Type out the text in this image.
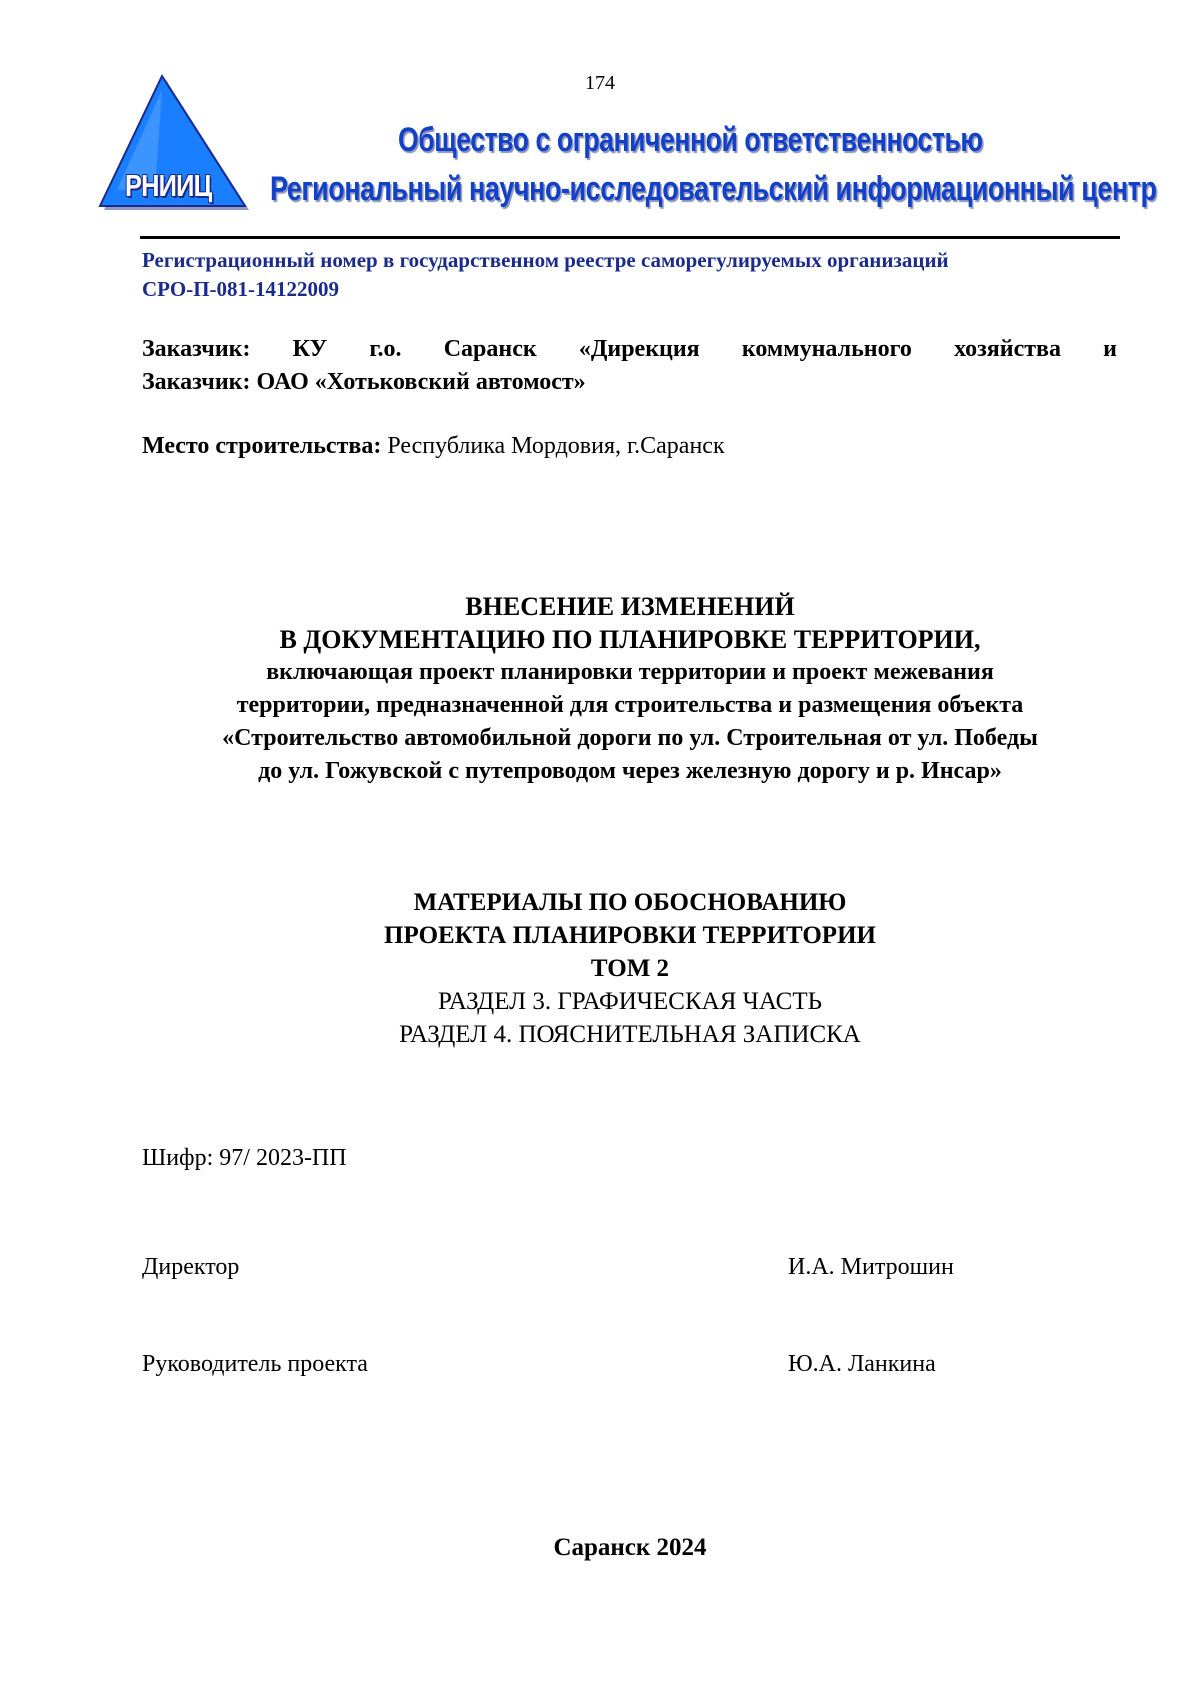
174
РНИИЦ
Общество с ограниченной ответственностью
Региональный научно-исследовательский информационный центр
Регистрационный номер в государственном реестре саморегулируемых организаций
СРО-П-081-14122009
Заказчик: КУ г.о. Саранск «Дирекция коммунального хозяйства и
Заказчик: ОАО «Хотьковский автомост»
Место строительства: Республика Мордовия, г.Саранск
ВНЕСЕНИЕ ИЗМЕНЕНИЙ
В ДОКУМЕНТАЦИЮ ПО ПЛАНИРОВКЕ ТЕРРИТОРИИ,
включающая проект планировки территории и проект межевания
территории, предназначенной для строительства и размещения объекта
«Строительство автомобильной дороги по ул. Строительная от ул. Победы
до ул. Гожувской с путепроводом через железную дорогу и р. Инсар»
МАТЕРИАЛЫ ПО ОБОСНОВАНИЮ
ПРОЕКТА ПЛАНИРОВКИ ТЕРРИТОРИИ
ТОМ 2
РАЗДЕЛ 3. ГРАФИЧЕСКАЯ ЧАСТЬ
РАЗДЕЛ 4. ПОЯСНИТЕЛЬНАЯ ЗАПИСКА
Шифр: 97/ 2023-ПП
Директор	И.А. Митрошин
Руководитель проекта	Ю.А. Ланкина
Саранск 2024
